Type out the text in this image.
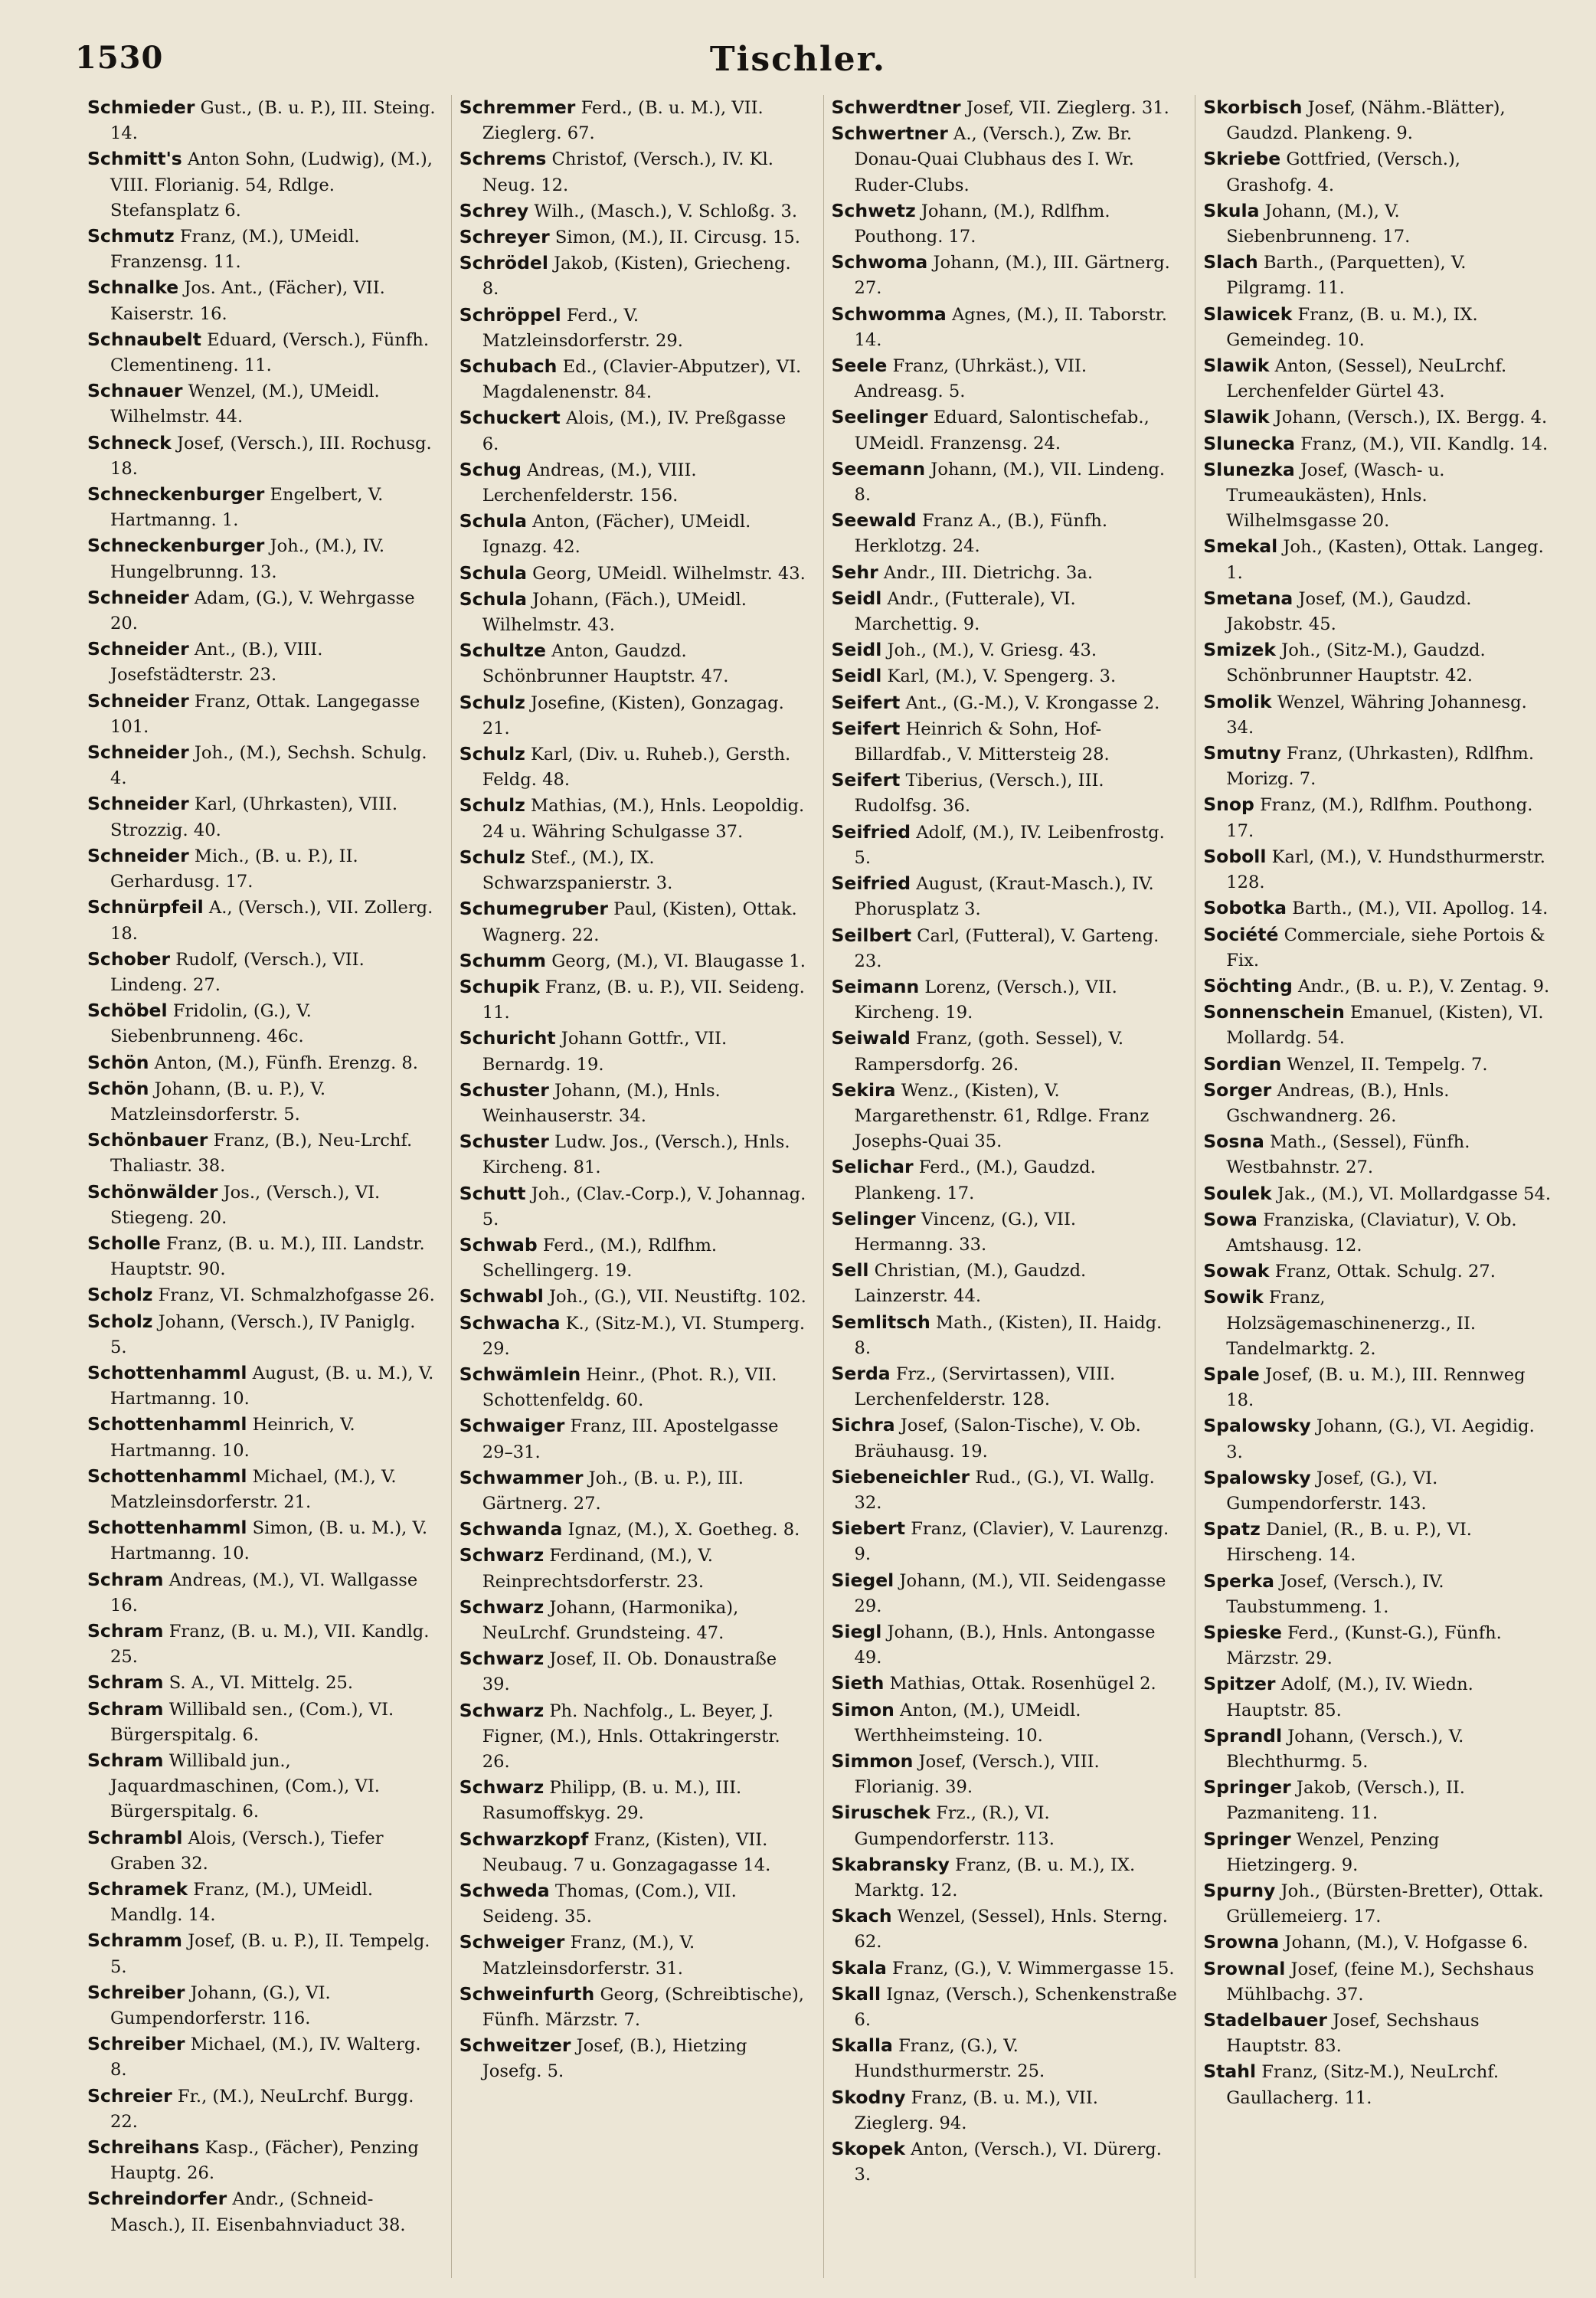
1530	Tischler.
Schmieder Gust., (B. u. P.), III. Steing. 14.
Schmitt's Anton Sohn, (Ludwig), (M.), VIII. Florianig. 54, Rdlge. Stefansplatz 6.
Schmutz Franz, (M.), UMeidl. Franzensg. 11.
Schnalke Jos. Ant., (Fächer), VII. Kaiserstr. 16.
Schnaubelt Eduard, (Versch.), Fünfh. Clementineng. 11.
Schnauer Wenzel, (M.), UMeidl. Wilhelmstr. 44.
Schneck Josef, (Versch.), III. Rochusg. 18.
Schneckenburger Engelbert, V. Hartmanng. 1.
Schneckenburger Joh., (M.), IV. Hungelbrunng. 13.
Schneider Adam, (G.), V. Wehrgasse 20.
Schneider Ant., (B.), VIII. Josefstädterstr. 23.
Schneider Franz, Ottak. Langegasse 101.
Schneider Joh., (M.), Sechsh. Schulg. 4.
Schneider Karl, (Uhrkasten), VIII. Strozzig. 40.
Schneider Mich., (B. u. P.), II. Gerhardusg. 17.
Schnürpfeil A., (Versch.), VII. Zollerg. 18.
Schober Rudolf, (Versch.), VII. Lindeng. 27.
Schöbel Fridolin, (G.), V. Siebenbrunneng. 46c.
Schön Anton, (M.), Fünfh. Erenzg. 8.
Schön Johann, (B. u. P.), V. Matzleinsdorferstr. 5.
Schönbauer Franz, (B.), Neu-Lrchf. Thaliastr. 38.
Schönwälder Jos., (Versch.), VI. Stiegeng. 20.
Scholle Franz, (B. u. M.), III. Landstr. Hauptstr. 90.
Scholz Franz, VI. Schmalzhofgasse 26.
Scholz Johann, (Versch.), IV Paniglg. 5.
Schottenhamml August, (B. u. M.), V. Hartmanng. 10.
Schottenhamml Heinrich, V. Hartmanng. 10.
Schottenhamml Michael, (M.), V. Matzleinsdorferstr. 21.
Schottenhamml Simon, (B. u. M.), V. Hartmanng. 10.
Schram Andreas, (M.), VI. Wallgasse 16.
Schram Franz, (B. u. M.), VII. Kandlg. 25.
Schram S. A., VI. Mittelg. 25.
Schram Willibald sen., (Com.), VI. Bürgerspitalg. 6.
Schram Willibald jun., Jaquardmaschinen, (Com.), VI. Bürgerspitalg. 6.
Schrambl Alois, (Versch.), Tiefer Graben 32.
Schramek Franz, (M.), UMeidl. Mandlg. 14.
Schramm Josef, (B. u. P.), II. Tempelg. 5.
Schreiber Johann, (G.), VI. Gumpendorferstr. 116.
Schreiber Michael, (M.), IV. Walterg. 8.
Schreier Fr., (M.), NeuLrchf. Burgg. 22.
Schreihans Kasp., (Fächer), Penzing Hauptg. 26.
Schreindorfer Andr., (Schneid-Masch.), II. Eisenbahnviaduct 38.
Schremmer Ferd., (B. u. M.), VII. Zieglerg. 67.
Schrems Christof, (Versch.), IV. Kl. Neug. 12.
Schrey Wilh., (Masch.), V. Schloßg. 3.
Schreyer Simon, (M.), II. Circusg. 15.
Schrödel Jakob, (Kisten), Griecheng. 8.
Schröppel Ferd., V. Matzleinsdorferstr. 29.
Schubach Ed., (Clavier-Abputzer), VI. Magdalenenstr. 84.
Schuckert Alois, (M.), IV. Preßgasse 6.
Schug Andreas, (M.), VIII. Lerchenfelderstr. 156.
Schula Anton, (Fächer), UMeidl. Ignazg. 42.
Schula Georg, UMeidl. Wilhelmstr. 43.
Schula Johann, (Fäch.), UMeidl. Wilhelmstr. 43.
Schultze Anton, Gaudzd. Schönbrunner Hauptstr. 47.
Schulz Josefine, (Kisten), Gonzagag. 21.
Schulz Karl, (Div. u. Ruheb.), Gersth. Feldg. 48.
Schulz Mathias, (M.), Hnls. Leopoldig. 24 u. Währing Schulgasse 37.
Schulz Stef., (M.), IX. Schwarzspanierstr. 3.
Schumegruber Paul, (Kisten), Ottak. Wagnerg. 22.
Schumm Georg, (M.), VI. Blaugasse 1.
Schupik Franz, (B. u. P.), VII. Seideng. 11.
Schuricht Johann Gottfr., VII. Bernardg. 19.
Schuster Johann, (M.), Hnls. Weinhauserstr. 34.
Schuster Ludw. Jos., (Versch.), Hnls. Kircheng. 81.
Schutt Joh., (Clav.-Corp.), V. Johannag. 5.
Schwab Ferd., (M.), Rdlfhm. Schellingerg. 19.
Schwabl Joh., (G.), VII. Neustiftg. 102.
Schwacha K., (Sitz-M.), VI. Stumperg. 29.
Schwämlein Heinr., (Phot. R.), VII. Schottenfeldg. 60.
Schwaiger Franz, III. Apostelgasse 29–31.
Schwammer Joh., (B. u. P.), III. Gärtnerg. 27.
Schwanda Ignaz, (M.), X. Goetheg. 8.
Schwarz Ferdinand, (M.), V. Reinprechtsdorferstr. 23.
Schwarz Johann, (Harmonika), NeuLrchf. Grundsteing. 47.
Schwarz Josef, II. Ob. Donaustraße 39.
Schwarz Ph. Nachfolg., L. Beyer, J. Figner, (M.), Hnls. Ottakringerstr. 26.
Schwarz Philipp, (B. u. M.), III. Rasumoffskyg. 29.
Schwarzkopf Franz, (Kisten), VII. Neubaug. 7 u. Gonzagagasse 14.
Schweda Thomas, (Com.), VII. Seideng. 35.
Schweiger Franz, (M.), V. Matzleinsdorferstr. 31.
Schweinfurth Georg, (Schreibtische), Fünfh. Märzstr. 7.
Schweitzer Josef, (B.), Hietzing Josefg. 5.
Schwerdtner Josef, VII. Zieglerg. 31.
Schwertner A., (Versch.), Zw. Br. Donau-Quai Clubhaus des I. Wr. Ruder-Clubs.
Schwetz Johann, (M.), Rdlfhm. Pouthong. 17.
Schwoma Johann, (M.), III. Gärtnerg. 27.
Schwomma Agnes, (M.), II. Taborstr. 14.
Seele Franz, (Uhrkäst.), VII. Andreasg. 5.
Seelinger Eduard, Salontischefab., UMeidl. Franzensg. 24.
Seemann Johann, (M.), VII. Lindeng. 8.
Seewald Franz A., (B.), Fünfh. Herklotzg. 24.
Sehr Andr., III. Dietrichg. 3a.
Seidl Andr., (Futterale), VI. Marchettig. 9.
Seidl Joh., (M.), V. Griesg. 43.
Seidl Karl, (M.), V. Spengerg. 3.
Seifert Ant., (G.-M.), V. Krongasse 2.
Seifert Heinrich & Sohn, Hof-Billardfab., V. Mittersteig 28.
Seifert Tiberius, (Versch.), III. Rudolfsg. 36.
Seifried Adolf, (M.), IV. Leibenfrostg. 5.
Seifried August, (Kraut-Masch.), IV. Phorusplatz 3.
Seilbert Carl, (Futteral), V. Garteng. 23.
Seimann Lorenz, (Versch.), VII. Kircheng. 19.
Seiwald Franz, (goth. Sessel), V. Rampersdorfg. 26.
Sekira Wenz., (Kisten), V. Margarethenstr. 61, Rdlge. Franz Josephs-Quai 35.
Selichar Ferd., (M.), Gaudzd. Plankeng. 17.
Selinger Vincenz, (G.), VII. Hermanng. 33.
Sell Christian, (M.), Gaudzd. Lainzerstr. 44.
Semlitsch Math., (Kisten), II. Haidg. 8.
Serda Frz., (Servirtassen), VIII. Lerchenfelderstr. 128.
Sichra Josef, (Salon-Tische), V. Ob. Bräuhausg. 19.
Siebeneichler Rud., (G.), VI. Wallg. 32.
Siebert Franz, (Clavier), V. Laurenzg. 9.
Siegel Johann, (M.), VII. Seidengasse 29.
Siegl Johann, (B.), Hnls. Antongasse 49.
Sieth Mathias, Ottak. Rosenhügel 2.
Simon Anton, (M.), UMeidl. Werthheimsteing. 10.
Simmon Josef, (Versch.), VIII. Florianig. 39.
Siruschek Frz., (R.), VI. Gumpendorferstr. 113.
Skabransky Franz, (B. u. M.), IX. Marktg. 12.
Skach Wenzel, (Sessel), Hnls. Sterng. 62.
Skala Franz, (G.), V. Wimmergasse 15.
Skall Ignaz, (Versch.), Schenkenstraße 6.
Skalla Franz, (G.), V. Hundsthurmerstr. 25.
Skodny Franz, (B. u. M.), VII. Zieglerg. 94.
Skopek Anton, (Versch.), VI. Dürerg. 3.
Skorbisch Josef, (Nähm.-Blätter), Gaudzd. Plankeng. 9.
Skriebe Gottfried, (Versch.), Grashofg. 4.
Skula Johann, (M.), V. Siebenbrunneng. 17.
Slach Barth., (Parquetten), V. Pilgramg. 11.
Slawicek Franz, (B. u. M.), IX. Gemeindeg. 10.
Slawik Anton, (Sessel), NeuLrchf. Lerchenfelder Gürtel 43.
Slawik Johann, (Versch.), IX. Bergg. 4.
Slunecka Franz, (M.), VII. Kandlg. 14.
Slunezka Josef, (Wasch- u. Trumeaukästen), Hnls. Wilhelmsgasse 20.
Smekal Joh., (Kasten), Ottak. Langeg. 1.
Smetana Josef, (M.), Gaudzd. Jakobstr. 45.
Smizek Joh., (Sitz-M.), Gaudzd. Schönbrunner Hauptstr. 42.
Smolik Wenzel, Währing Johannesg. 34.
Smutny Franz, (Uhrkasten), Rdlfhm. Morizg. 7.
Snop Franz, (M.), Rdlfhm. Pouthong. 17.
Soboll Karl, (M.), V. Hundsthurmerstr. 128.
Sobotka Barth., (M.), VII. Apollog. 14.
Société Commerciale, siehe Portois & Fix.
Söchting Andr., (B. u. P.), V. Zentag. 9.
Sonnenschein Emanuel, (Kisten), VI. Mollardg. 54.
Sordian Wenzel, II. Tempelg. 7.
Sorger Andreas, (B.), Hnls. Gschwandnerg. 26.
Sosna Math., (Sessel), Fünfh. Westbahnstr. 27.
Soulek Jak., (M.), VI. Mollardgasse 54.
Sowa Franziska, (Claviatur), V. Ob. Amtshausg. 12.
Sowak Franz, Ottak. Schulg. 27.
Sowik Franz, Holzsägemaschinenerzg., II. Tandelmarktg. 2.
Spale Josef, (B. u. M.), III. Rennweg 18.
Spalowsky Johann, (G.), VI. Aegidig. 3.
Spalowsky Josef, (G.), VI. Gumpendorferstr. 143.
Spatz Daniel, (R., B. u. P.), VI. Hirscheng. 14.
Sperka Josef, (Versch.), IV. Taubstummeng. 1.
Spieske Ferd., (Kunst-G.), Fünfh. Märzstr. 29.
Spitzer Adolf, (M.), IV. Wiedn. Hauptstr. 85.
Sprandl Johann, (Versch.), V. Blechthurmg. 5.
Springer Jakob, (Versch.), II. Pazmaniteng. 11.
Springer Wenzel, Penzing Hietzingerg. 9.
Spurny Joh., (Bürsten-Bretter), Ottak. Grüllemeierg. 17.
Srowna Johann, (M.), V. Hofgasse 6.
Srownal Josef, (feine M.), Sechshaus Mühlbachg. 37.
Stadelbauer Josef, Sechshaus Hauptstr. 83.
Stahl Franz, (Sitz-M.), NeuLrchf. Gaullacherg. 11.
